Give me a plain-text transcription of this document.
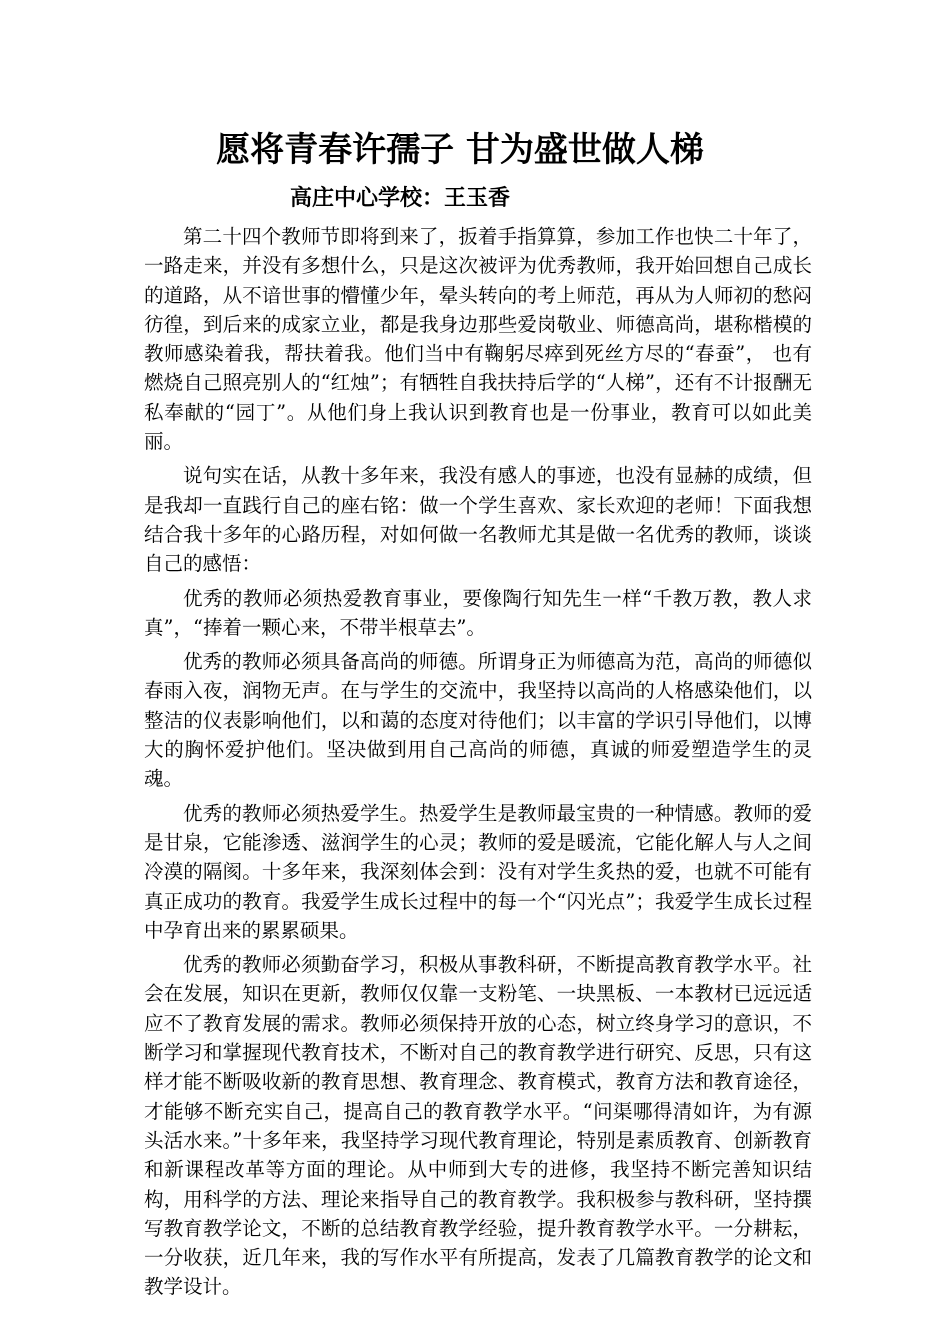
愿将青春许孺子 甘为盛世做人梯
高庄中心学校：王玉香

第二十四个教师节即将到来了，扳着手指算算，参加工作也快二十年了，一路走来，并没有多想什么，只是这次被评为优秀教师，我开始回想自己成长的道路，从不谙世事的懵懂少年，晕头转向的考上师范，再从为人师初的愁闷彷徨，到后来的成家立业，都是我身边那些爱岗敬业、师德高尚，堪称楷模的教师感染着我，帮扶着我。他们当中有鞠躬尽瘁到死丝方尽的“春蚕”， 也有燃烧自己照亮别人的“红烛”；有牺牲自我扶持后学的“人梯”，还有不计报酬无私奉献的“园丁”。从他们身上我认识到教育也是一份事业，教育可以如此美丽。

说句实在话，从教十多年来，我没有感人的事迹，也没有显赫的成绩，但是我却一直践行自己的座右铭：做一个学生喜欢、家长欢迎的老师！下面我想结合我十多年的心路历程，对如何做一名教师尤其是做一名优秀的教师，谈谈自己的感悟：

优秀的教师必须热爱教育事业，要像陶行知先生一样“千教万教，教人求真”，“捧着一颗心来，不带半根草去”。

优秀的教师必须具备高尚的师德。所谓身正为师德高为范，高尚的师德似春雨入夜，润物无声。在与学生的交流中，我坚持以高尚的人格感染他们，以整洁的仪表影响他们，以和蔼的态度对待他们；以丰富的学识引导他们，以博大的胸怀爱护他们。坚决做到用自己高尚的师德，真诚的师爱塑造学生的灵魂。

优秀的教师必须热爱学生。热爱学生是教师最宝贵的一种情感。教师的爱是甘泉，它能渗透、滋润学生的心灵；教师的爱是暖流，它能化解人与人之间冷漠的隔阂。十多年来，我深刻体会到：没有对学生炙热的爱，也就不可能有真正成功的教育。我爱学生成长过程中的每一个“闪光点”；我爱学生成长过程中孕育出来的累累硕果。

优秀的教师必须勤奋学习，积极从事教科研，不断提高教育教学水平。社会在发展，知识在更新，教师仅仅靠一支粉笔、一块黑板、一本教材已远远适应不了教育发展的需求。教师必须保持开放的心态，树立终身学习的意识，不断学习和掌握现代教育技术，不断对自己的教育教学进行研究、反思，只有这样才能不断吸收新的教育思想、教育理念、教育模式，教育方法和教育途径，才能够不断充实自己，提高自己的教育教学水平。“问渠哪得清如许，为有源头活水来。”十多年来，我坚持学习现代教育理论，特别是素质教育、创新教育和新课程改革等方面的理论。从中师到大专的进修，我坚持不断完善知识结构，用科学的方法、理论来指导自己的教育教学。我积极参与教科研，坚持撰写教育教学论文，不断的总结教育教学经验，提升教育教学水平。一分耕耘，一分收获，近几年来，我的写作水平有所提高，发表了几篇教育教学的论文和教学设计。
